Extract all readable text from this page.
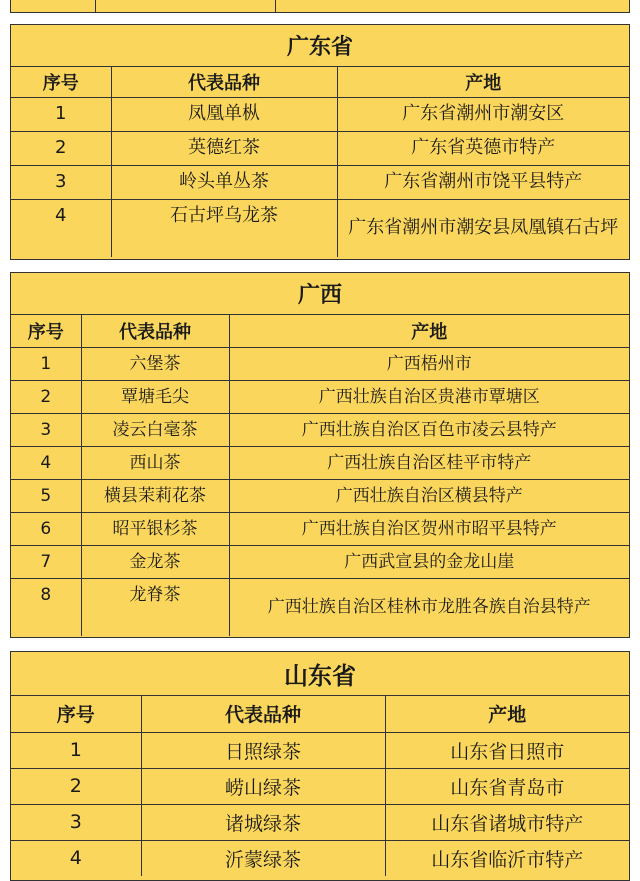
广东省
序号	代表品种	产地
1	凤凰单枞	广东省潮州市潮安区
2	英德红茶	广东省英德市特产
3	岭头单丛茶	广东省潮州市饶平县特产
4	石古坪乌龙茶	广东省潮州市潮安县凤凰镇石古坪
广西
序号	代表品种	产地
1	六堡茶	广西梧州市
2	覃塘毛尖	广西壮族自治区贵港市覃塘区
3	凌云白毫茶	广西壮族自治区百色市凌云县特产
4	西山茶	广西壮族自治区桂平市特产
5	横县茉莉花茶	广西壮族自治区横县特产
6	昭平银杉茶	广西壮族自治区贺州市昭平县特产
7	金龙茶	广西武宣县的金龙山崖
8	龙脊茶	广西壮族自治区桂林市龙胜各族自治县特产
山东省
序号	代表品种	产地
1	日照绿茶	山东省日照市
2	崂山绿茶	山东省青岛市
3	诸城绿茶	山东省诸城市特产
4	沂蒙绿茶	山东省临沂市特产
